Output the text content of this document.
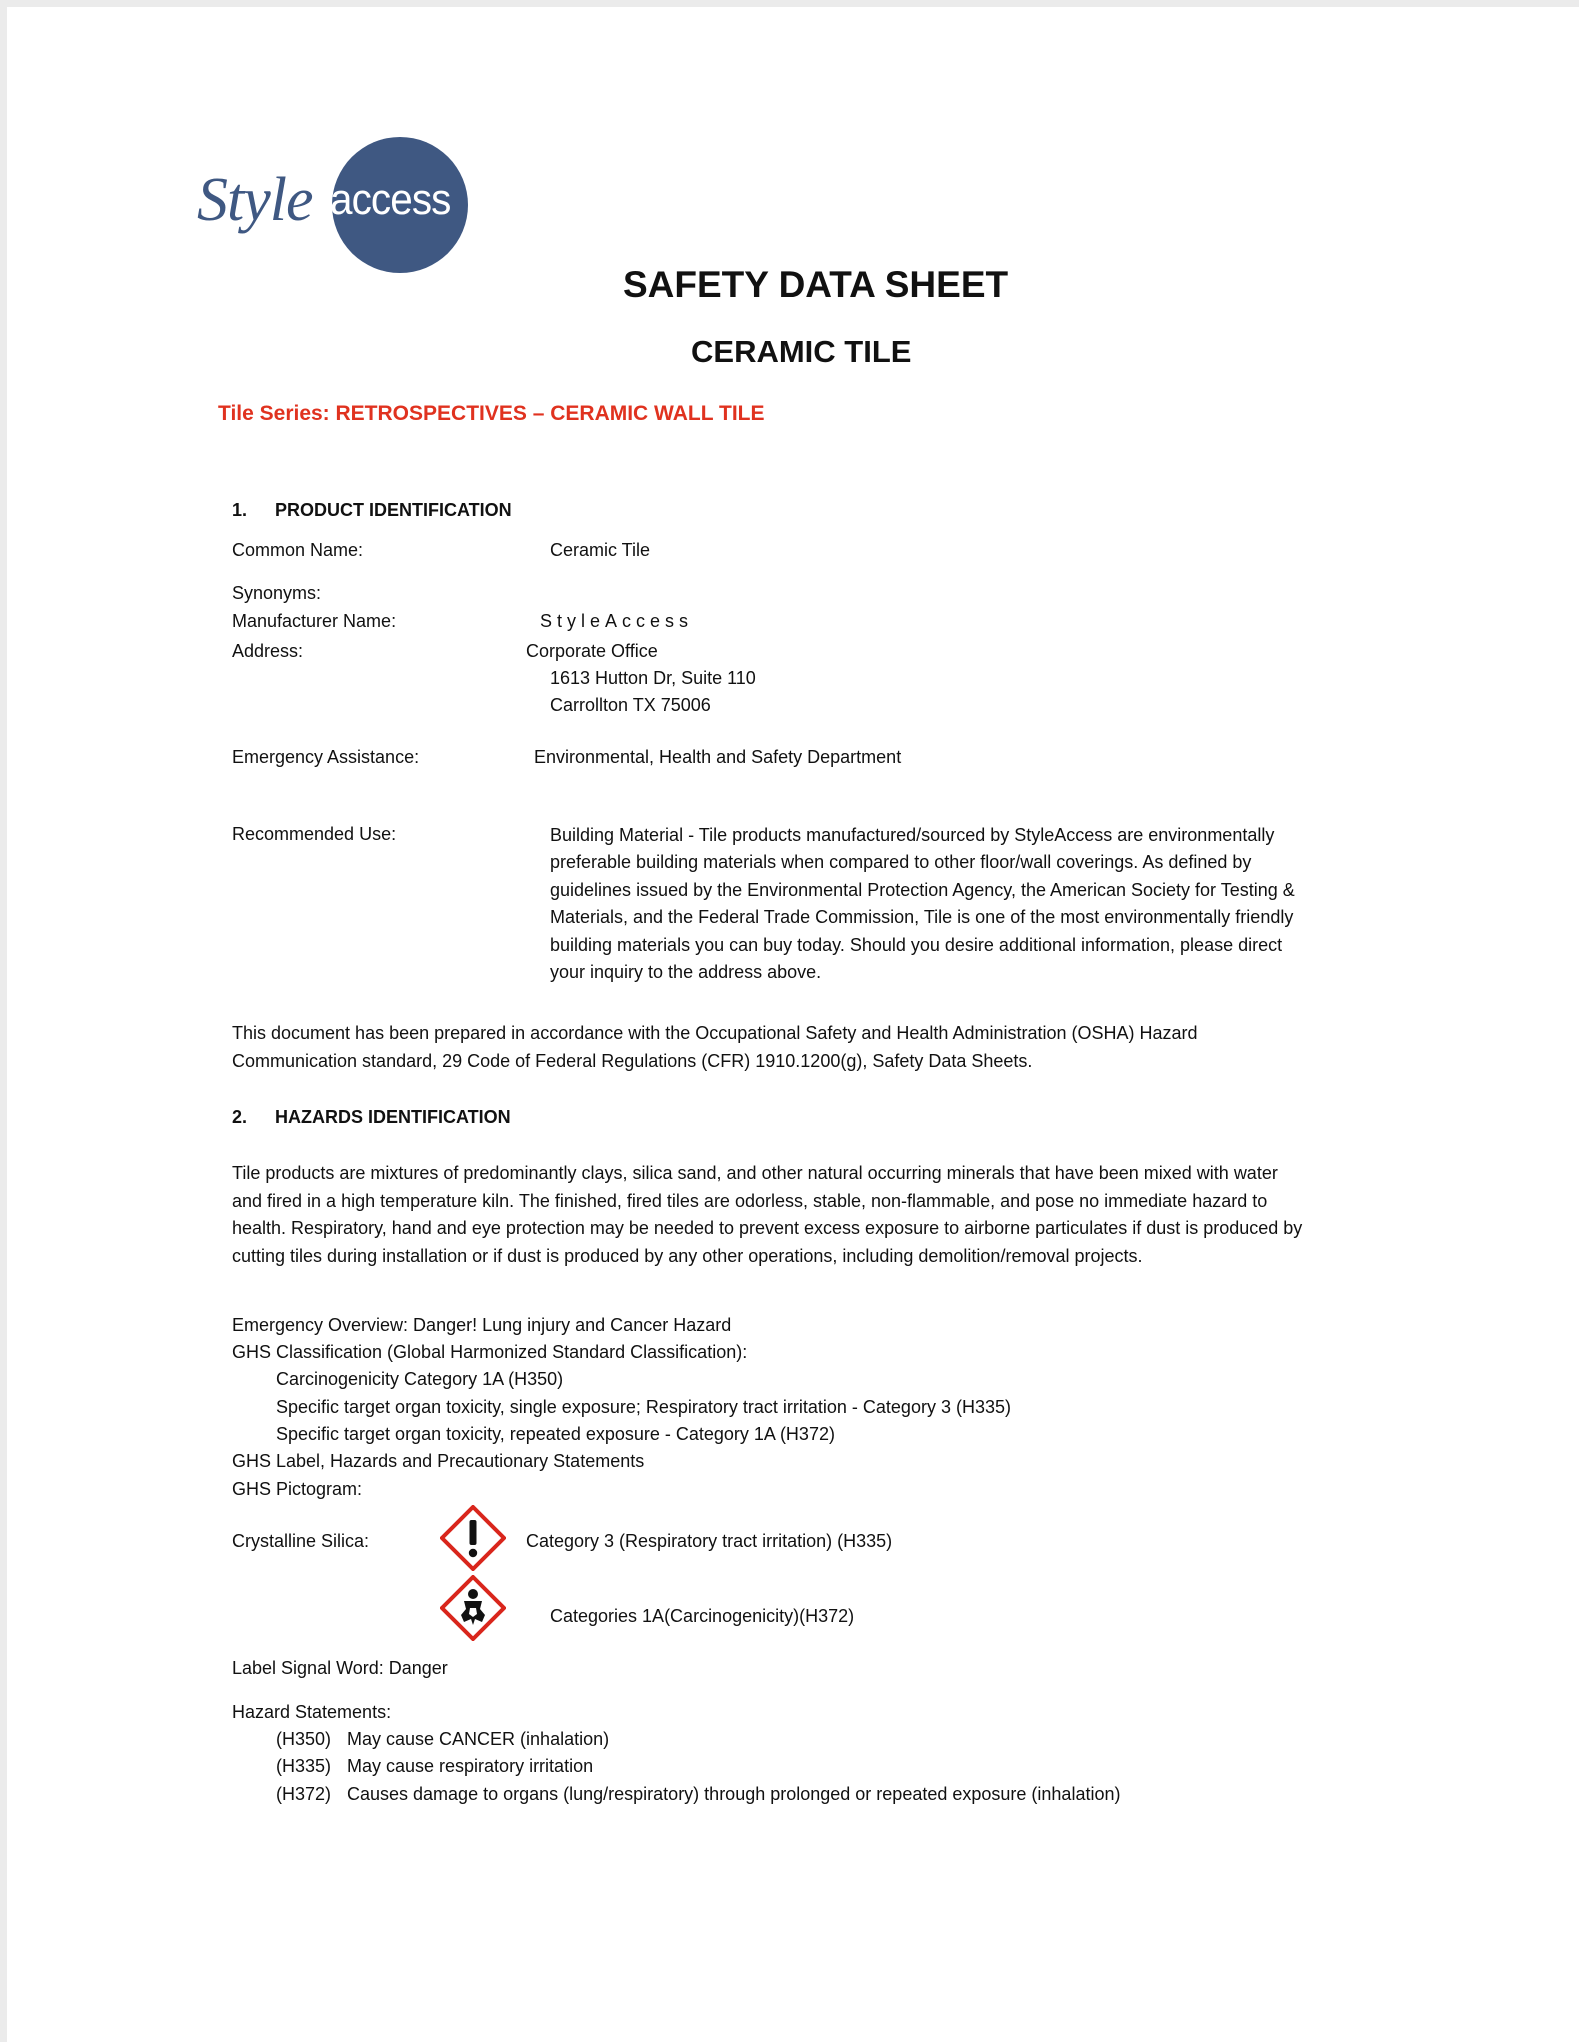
Style access
SAFETY DATA SHEET
CERAMIC TILE
Tile Series: RETROSPECTIVES – CERAMIC WALL TILE
1. PRODUCT IDENTIFICATION
Common Name:	Ceramic Tile
Synonyms:
Manufacturer Name:	StyleAccess
Address:	Corporate Office
1613 Hutton Dr, Suite 110
Carrollton TX 75006
Emergency Assistance:	Environmental, Health and Safety Department
Recommended Use:	Building Material - Tile products manufactured/sourced by StyleAccess are environmentally
preferable building materials when compared to other floor/wall coverings. As defined by
guidelines issued by the Environmental Protection Agency, the American Society for Testing &
Materials, and the Federal Trade Commission, Tile is one of the most environmentally friendly
building materials you can buy today. Should you desire additional information, please direct
your inquiry to the address above.
This document has been prepared in accordance with the Occupational Safety and Health Administration (OSHA) Hazard
Communication standard, 29 Code of Federal Regulations (CFR) 1910.1200(g), Safety Data Sheets.
2. HAZARDS IDENTIFICATION
Tile products are mixtures of predominantly clays, silica sand, and other natural occurring minerals that have been mixed with water
and fired in a high temperature kiln. The finished, fired tiles are odorless, stable, non-flammable, and pose no immediate hazard to
health. Respiratory, hand and eye protection may be needed to prevent excess exposure to airborne particulates if dust is produced by
cutting tiles during installation or if dust is produced by any other operations, including demolition/removal projects.
Emergency Overview: Danger! Lung injury and Cancer Hazard
GHS Classification (Global Harmonized Standard Classification):
Carcinogenicity Category 1A (H350)
Specific target organ toxicity, single exposure; Respiratory tract irritation - Category 3 (H335)
Specific target organ toxicity, repeated exposure - Category 1A (H372)
GHS Label, Hazards and Precautionary Statements
GHS Pictogram:
Crystalline Silica:	Category 3 (Respiratory tract irritation) (H335)
Categories 1A(Carcinogenicity)(H372)
Label Signal Word: Danger
Hazard Statements:
(H350) May cause CANCER (inhalation)
(H335) May cause respiratory irritation
(H372) Causes damage to organs (lung/respiratory) through prolonged or repeated exposure (inhalation)
